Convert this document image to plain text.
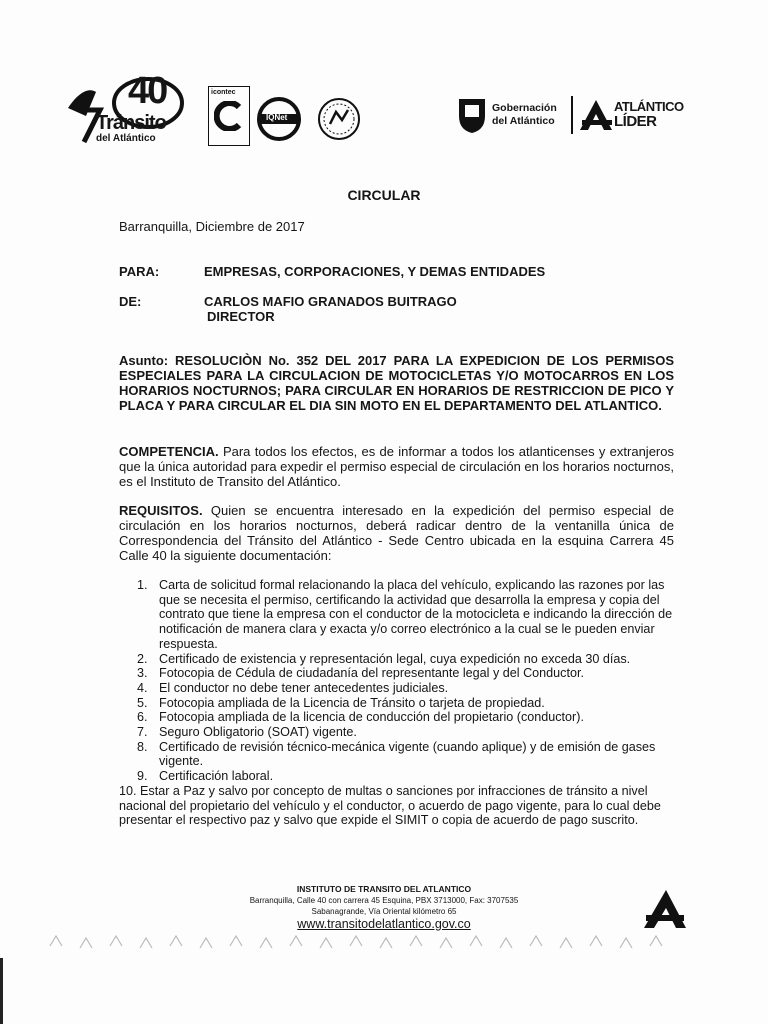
40
Tránsito
del Atlántico
icontec
IQNet
Gobernación
del Atlántico
ATLÁNTICO
LÍDER
CIRCULAR
Barranquilla, Diciembre de 2017
PARA:	EMPRESAS, CORPORACIONES, Y DEMAS ENTIDADES
DE:	CARLOS MAFIO GRANADOS BUITRAGO
DIRECTOR
Asunto: RESOLUCIÒN No. 352 DEL 2017 PARA LA EXPEDICION DE LOS PERMISOS ESPECIALES PARA LA CIRCULACION DE MOTOCICLETAS Y/O MOTOCARROS EN LOS HORARIOS NOCTURNOS; PARA CIRCULAR EN HORARIOS DE RESTRICCION DE PICO Y PLACA Y PARA CIRCULAR EL DIA SIN MOTO EN EL DEPARTAMENTO DEL ATLANTICO.
COMPETENCIA. Para todos los efectos, es de informar a todos los atlanticenses y extranjeros que la única autoridad para expedir el permiso especial de circulación en los horarios nocturnos, es el Instituto de Transito del Atlántico.
REQUISITOS. Quien se encuentra interesado en la expedición del permiso especial de circulación en los horarios nocturnos, deberá radicar dentro de la ventanilla única de Correspondencia del Tránsito del Atlántico - Sede Centro ubicada en la esquina Carrera 45 Calle 40 la siguiente documentación:
1. Carta de solicitud formal relacionando la placa del vehículo, explicando las razones por las que se necesita el permiso, certificando la actividad que desarrolla la empresa y copia del contrato que tiene la empresa con el conductor de la motocicleta e indicando la dirección de notificación de manera clara y exacta y/o correo electrónico a la cual se le pueden enviar respuesta.
2. Certificado de existencia y representación legal, cuya expedición no exceda 30 días.
3. Fotocopia de Cédula de ciudadanía del representante legal y del Conductor.
4. El conductor no debe tener antecedentes judiciales.
5. Fotocopia ampliada de la Licencia de Tránsito o tarjeta de propiedad.
6. Fotocopia ampliada de la licencia de conducción del propietario (conductor).
7. Seguro Obligatorio (SOAT) vigente.
8. Certificado de revisión técnico-mecánica vigente (cuando aplique) y de emisión de gases vigente.
9. Certificación laboral.
10. Estar a Paz y salvo por concepto de multas o sanciones por infracciones de tránsito a nivel nacional del propietario del vehículo y el conductor, o acuerdo de pago vigente, para lo cual debe presentar el respectivo paz y salvo que expide el SIMIT o copia de acuerdo de pago suscrito.
INSTITUTO DE TRANSITO DEL ATLANTICO
Barranquilla, Calle 40 con carrera 45 Esquina, PBX 3713000, Fax: 3707535
Sabanagrande, Vía Oriental kilómetro 65
www.transitodelatlantico.gov.co
